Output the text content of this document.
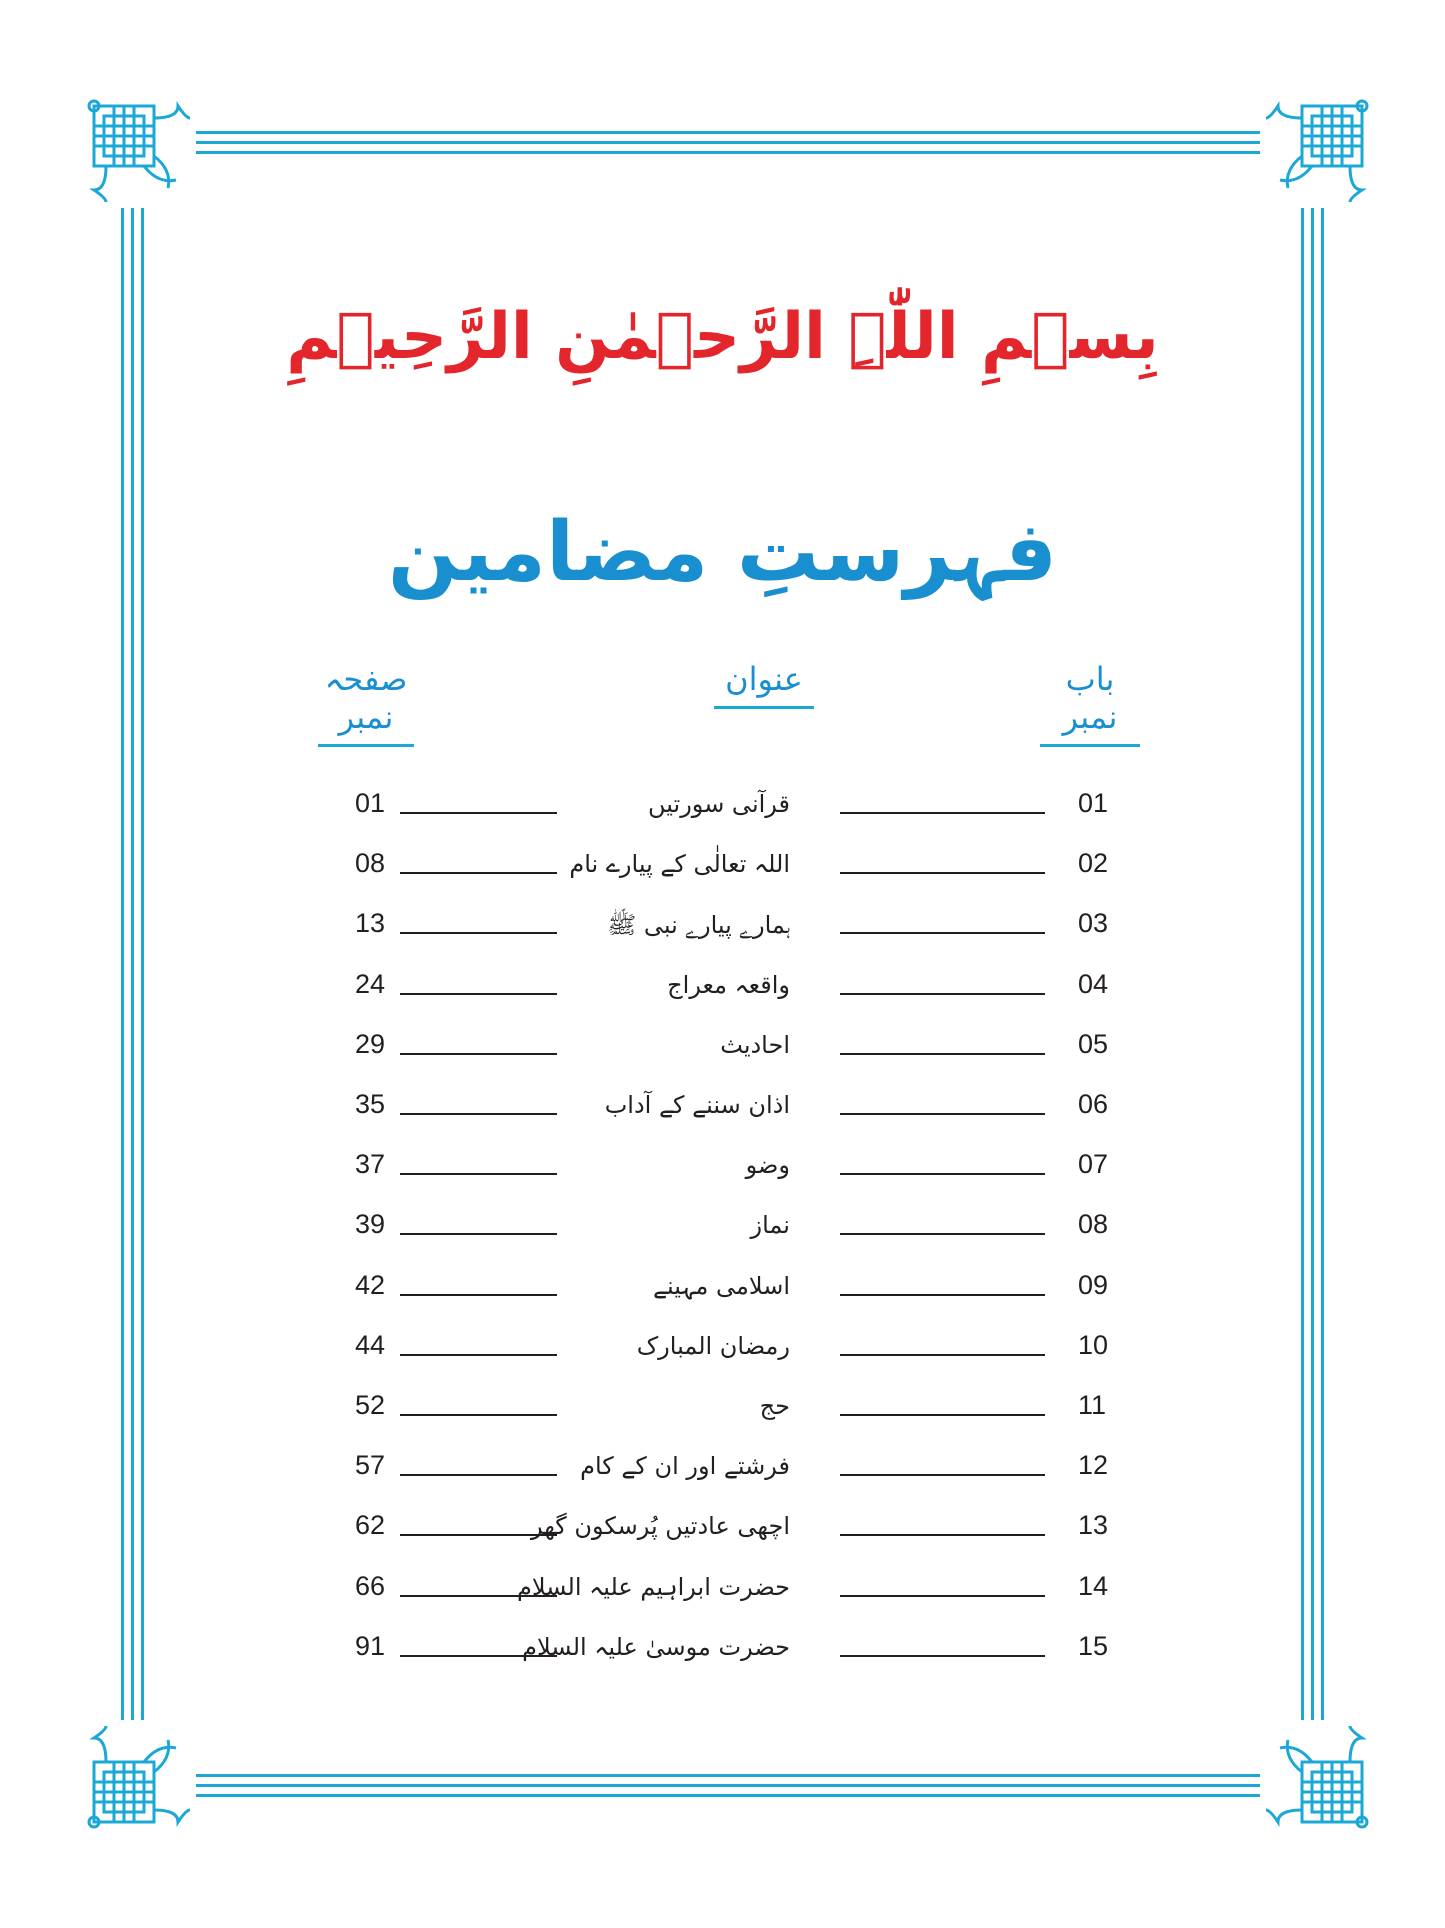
بِسۡمِ اللّٰہِ الرَّحۡمٰنِ الرَّحِیۡمِ
فہرستِ مضامین
باب نمبر
عنوان
صفحہ نمبر
01
قرآنی سورتیں
01
02
اللہ تعالٰی کے پیارے نام
08
03
ہمارے پیارے نبی ﷺ
13
04
واقعہ معراج
24
05
احادیث
29
06
اذان سننے کے آداب
35
07
وضو
37
08
نماز
39
09
اسلامی مہینے
42
10
رمضان المبارک
44
11
حج
52
12
فرشتے اور ان کے کام
57
13
اچھی عادتیں پُرسکون گھر
62
14
حضرت ابراہیم علیہ السلام
66
15
حضرت موسیٰ علیہ السلام
91
